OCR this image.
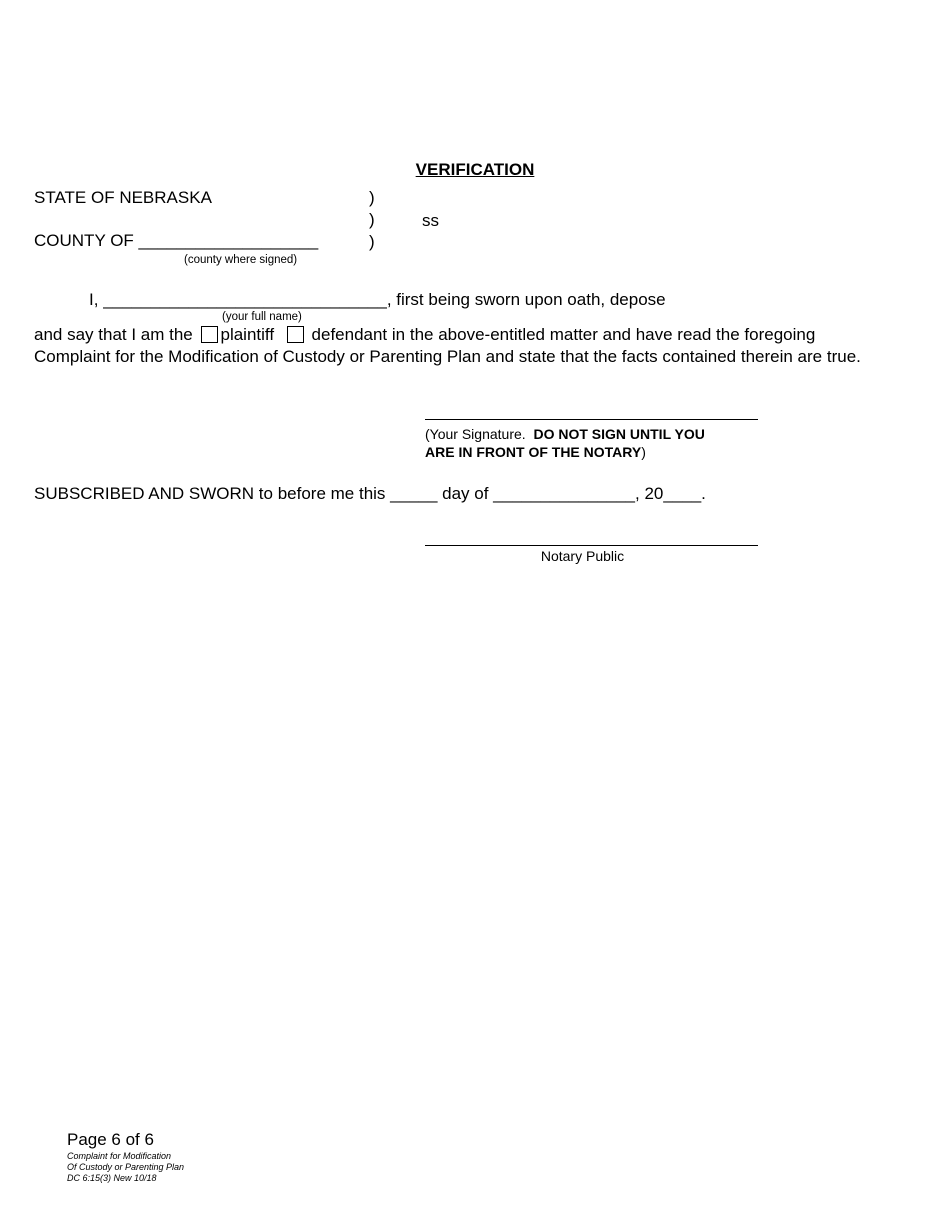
VERIFICATION
STATE OF NEBRASKA	)
)	ss
COUNTY OF ___________________	)
(county where signed)
I, ______________________________, first being sworn upon oath, depose
(your full name)
and say that I am the plaintiff defendant in the above-entitled matter and have read the foregoing
Complaint for the Modification of Custody or Parenting Plan and state that the facts contained therein are true.
(Your Signature. DO NOT SIGN UNTIL YOU
ARE IN FRONT OF THE NOTARY)
SUBSCRIBED AND SWORN to before me this _____ day of _______________, 20____.
Notary Public
Page 6 of 6
Complaint for Modification
Of Custody or Parenting Plan
DC 6:15(3) New 10/18
